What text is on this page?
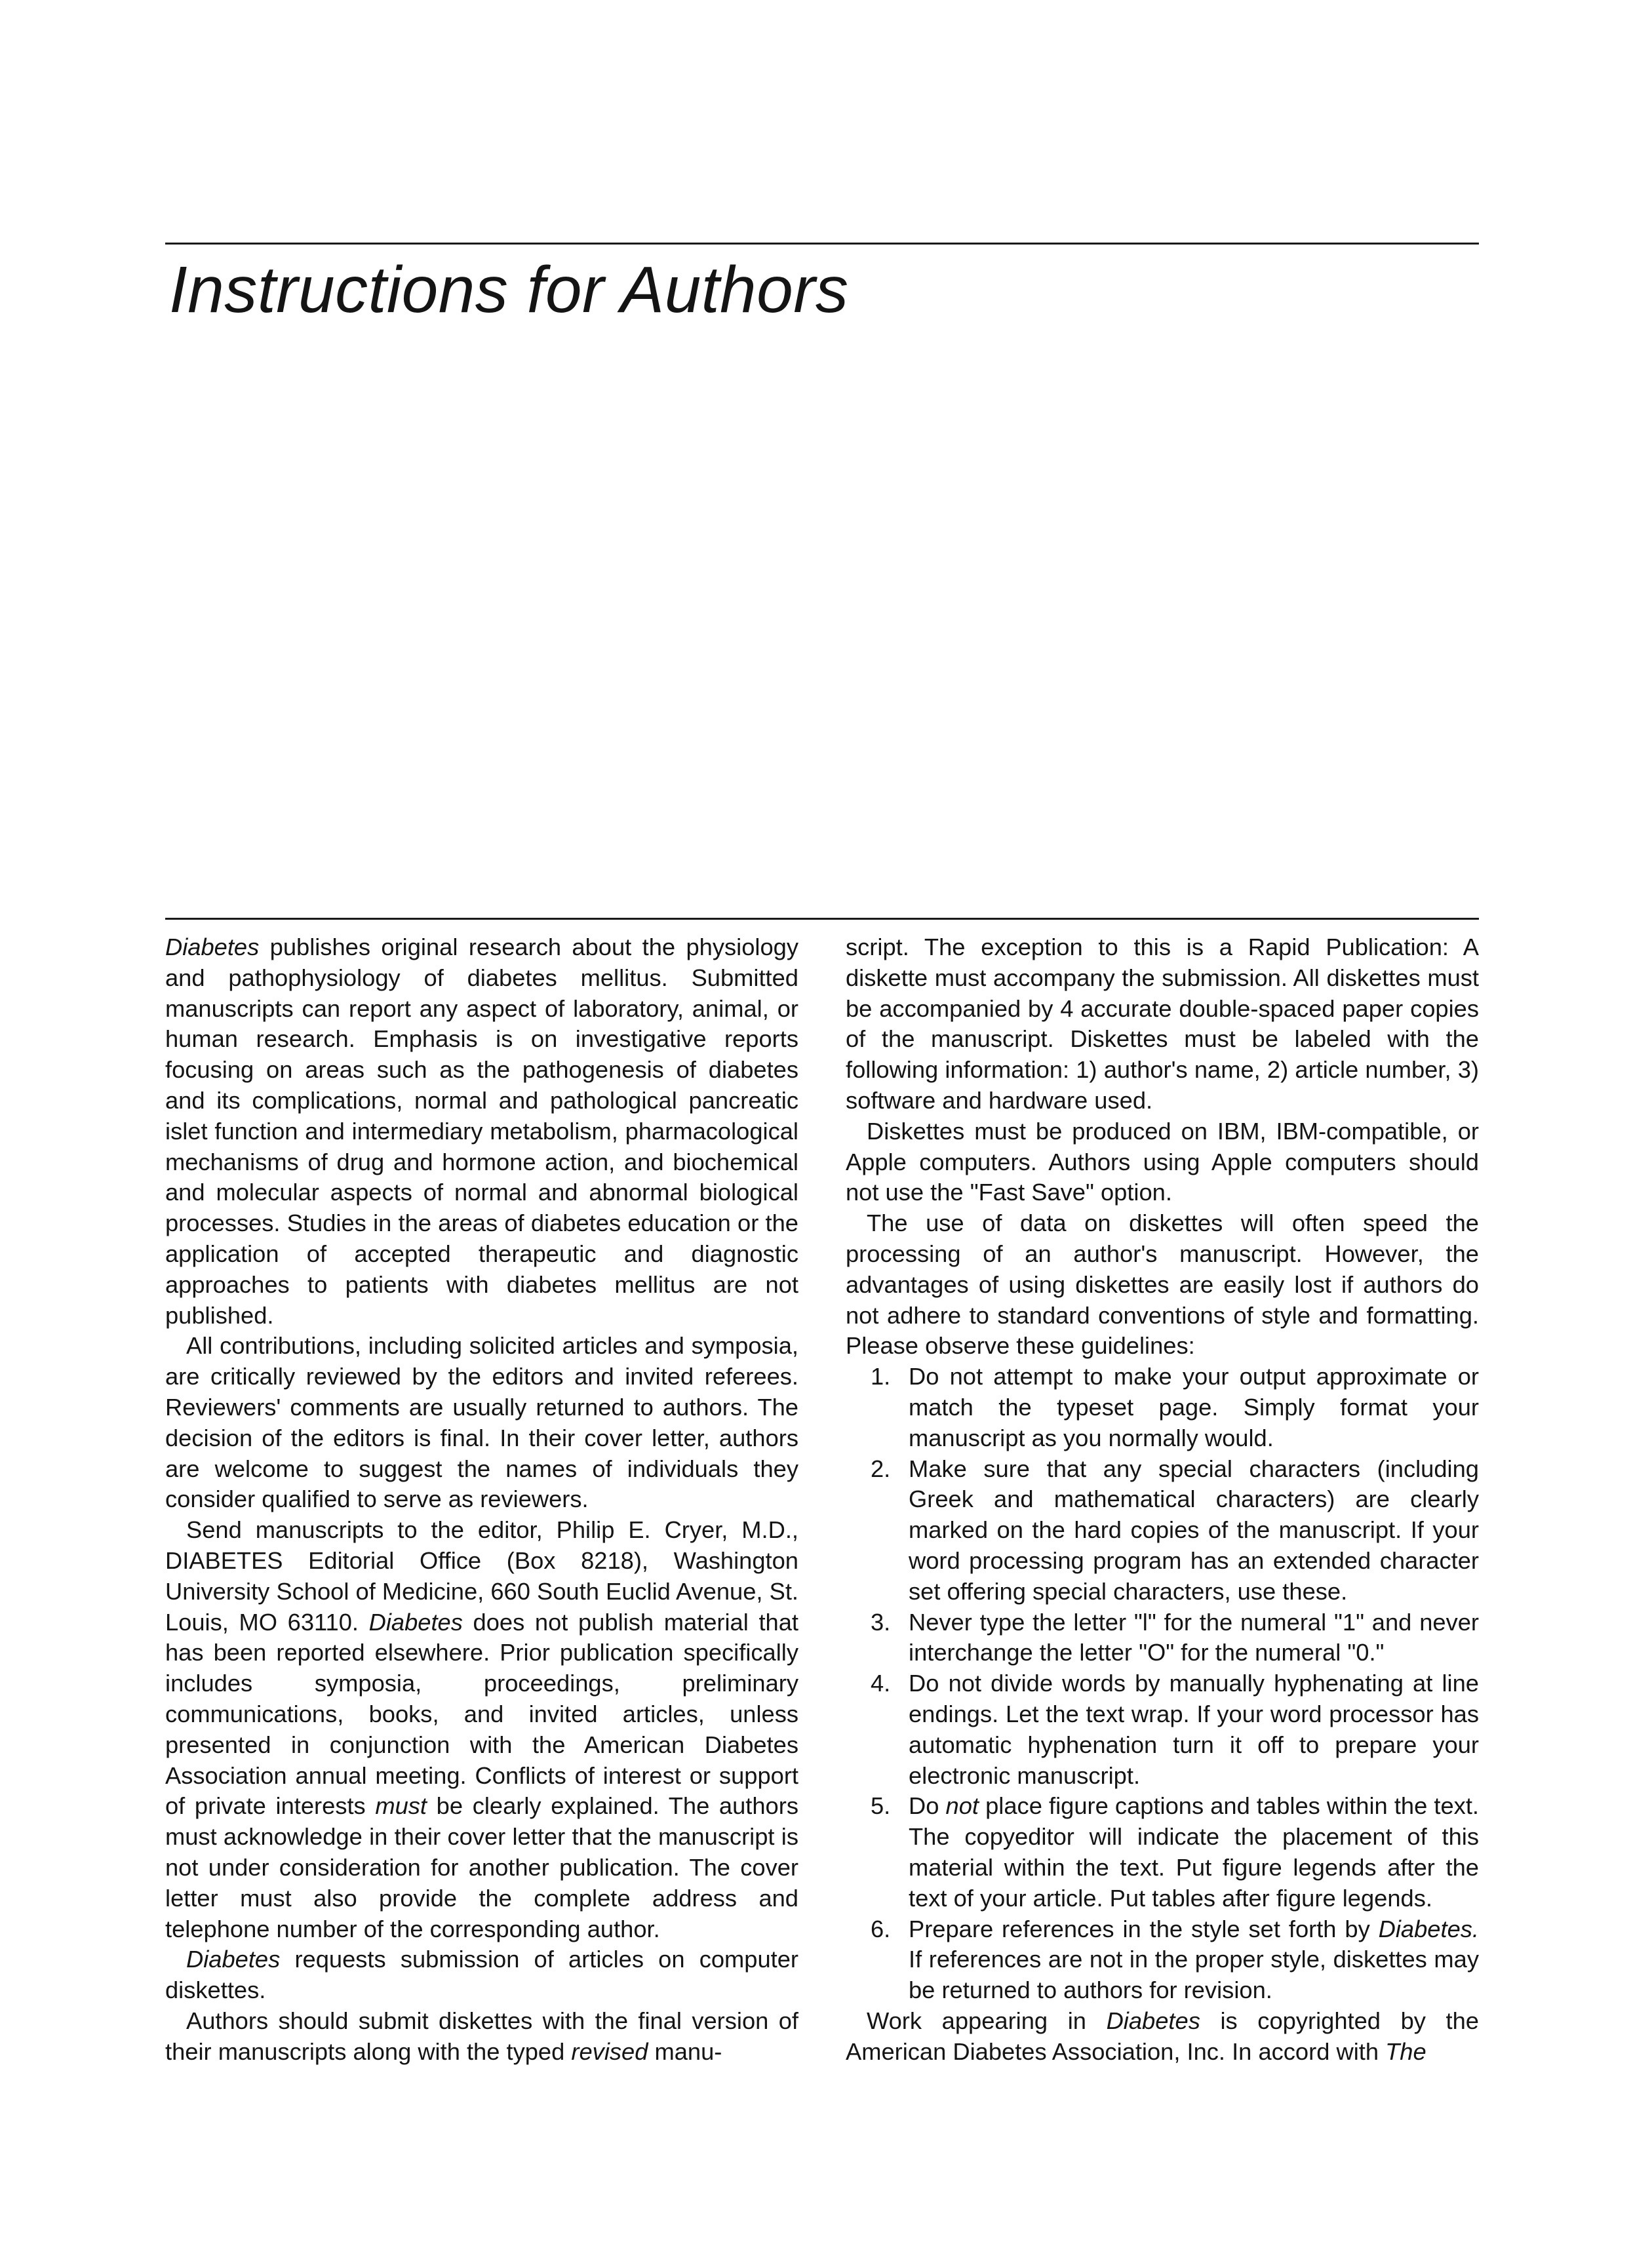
Instructions for Authors

Diabetes publishes original research about the physiology and pathophysiology of diabetes mellitus. Submitted manuscripts can report any aspect of laboratory, animal, or human research. Emphasis is on investigative reports focusing on areas such as the pathogenesis of diabetes and its complications, normal and pathological pancreatic islet function and intermediary metabolism, pharmacological mechanisms of drug and hormone action, and biochemical and molecular aspects of normal and abnormal biological processes. Studies in the areas of diabetes education or the application of accepted therapeutic and diagnostic approaches to patients with diabetes mellitus are not published.

All contributions, including solicited articles and symposia, are critically reviewed by the editors and invited referees. Reviewers' comments are usually returned to authors. The decision of the editors is final. In their cover letter, authors are welcome to suggest the names of individuals they consider qualified to serve as reviewers.

Send manuscripts to the editor, Philip E. Cryer, M.D., DIABETES Editorial Office (Box 8218), Washington University School of Medicine, 660 South Euclid Avenue, St. Louis, MO 63110. Diabetes does not publish material that has been reported elsewhere. Prior publication specifically includes symposia, proceedings, preliminary communications, books, and invited articles, unless presented in conjunction with the American Diabetes Association annual meeting. Conflicts of interest or support of private interests must be clearly explained. The authors must acknowledge in their cover letter that the manuscript is not under consideration for another publication. The cover letter must also provide the complete address and telephone number of the corresponding author.

Diabetes requests submission of articles on computer diskettes.

Authors should submit diskettes with the final version of their manuscripts along with the typed revised manu-

script. The exception to this is a Rapid Publication: A diskette must accompany the submission. All diskettes must be accompanied by 4 accurate double-spaced paper copies of the manuscript. Diskettes must be labeled with the following information: 1) author's name, 2) article number, 3) software and hardware used.

Diskettes must be produced on IBM, IBM-compatible, or Apple computers. Authors using Apple computers should not use the "Fast Save" option.

The use of data on diskettes will often speed the processing of an author's manuscript. However, the advantages of using diskettes are easily lost if authors do not adhere to standard conventions of style and formatting. Please observe these guidelines:

1. Do not attempt to make your output approximate or match the typeset page. Simply format your manuscript as you normally would.
2. Make sure that any special characters (including Greek and mathematical characters) are clearly marked on the hard copies of the manuscript. If your word processing program has an extended character set offering special characters, use these.
3. Never type the letter "l" for the numeral "1" and never interchange the letter "O" for the numeral "0."
4. Do not divide words by manually hyphenating at line endings. Let the text wrap. If your word processor has automatic hyphenation turn it off to prepare your electronic manuscript.
5. Do not place figure captions and tables within the text. The copyeditor will indicate the placement of this material within the text. Put figure legends after the text of your article. Put tables after figure legends.
6. Prepare references in the style set forth by Diabetes. If references are not in the proper style, diskettes may be returned to authors for revision.

Work appearing in Diabetes is copyrighted by the American Diabetes Association, Inc. In accord with The
